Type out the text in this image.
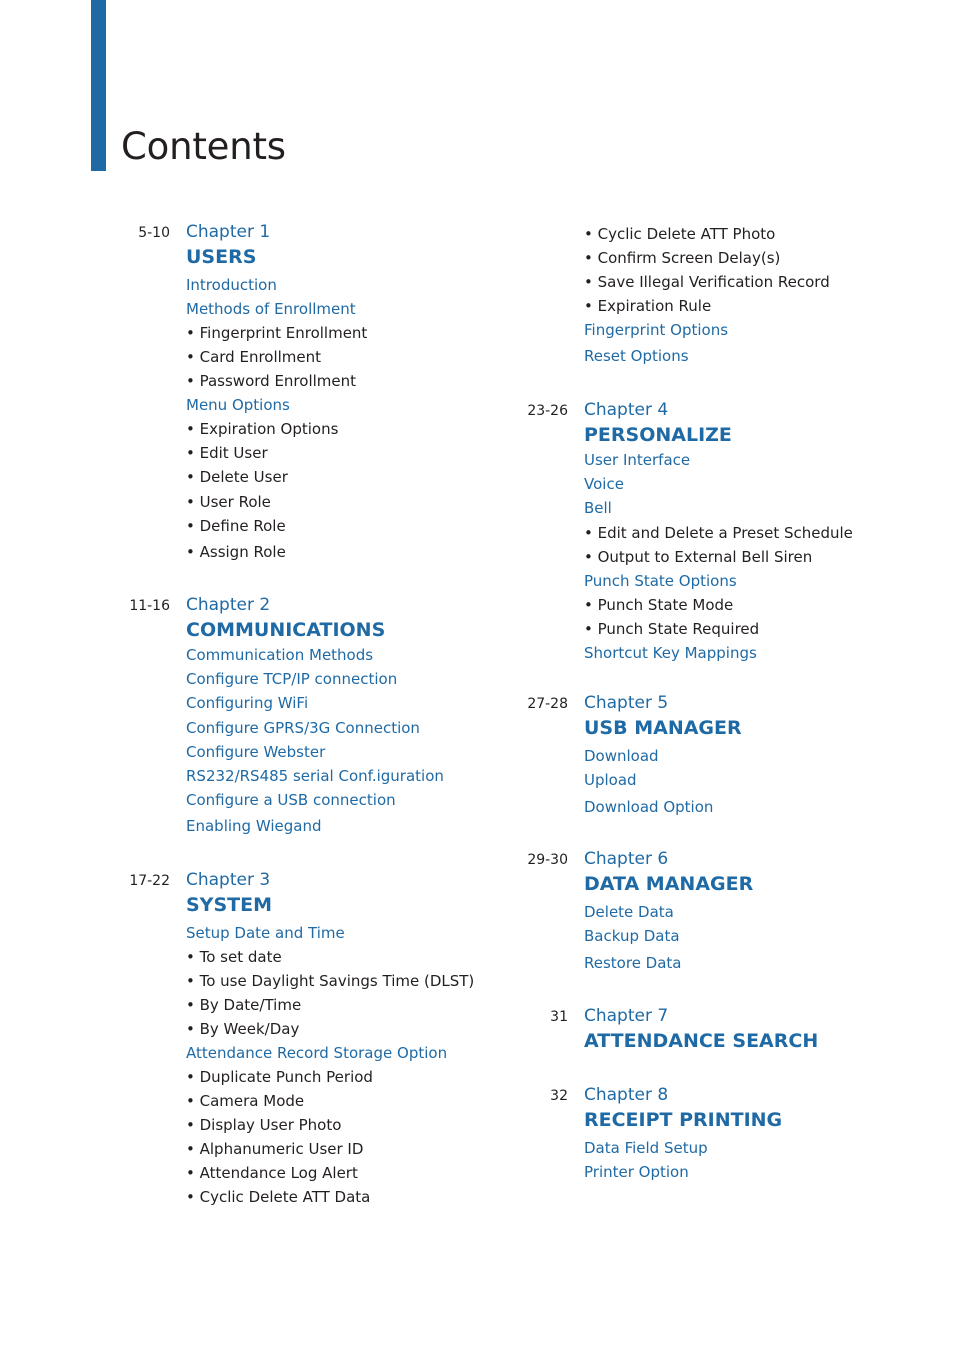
Contents
5-10 Chapter 1
USERS
Introduction
Methods of Enrollment
• Fingerprint Enrollment
• Card Enrollment
• Password Enrollment
Menu Options
• Expiration Options
• Edit User
• Delete User
• User Role
• Define Role
• Assign Role
11-16 Chapter 2
COMMUNICATIONS
Communication Methods
Configure TCP/IP connection
Configuring WiFi
Configure GPRS/3G Connection
Configure Webster
RS232/RS485 serial Conf.iguration
Configure a USB connection
Enabling Wiegand
17-22 Chapter 3
SYSTEM
Setup Date and Time
• To set date
• To use Daylight Savings Time (DLST)
• By Date/Time
• By Week/Day
Attendance Record Storage Option
• Duplicate Punch Period
• Camera Mode
• Display User Photo
• Alphanumeric User ID
• Attendance Log Alert
• Cyclic Delete ATT Data
• Cyclic Delete ATT Photo
• Confirm Screen Delay(s)
• Save Illegal Verification Record
• Expiration Rule
Fingerprint Options
Reset Options
23-26 Chapter 4
PERSONALIZE
User Interface
Voice
Bell
• Edit and Delete a Preset Schedule
• Output to External Bell Siren
Punch State Options
• Punch State Mode
• Punch State Required
Shortcut Key Mappings
27-28 Chapter 5
USB MANAGER
Download
Upload
Download Option
29-30 Chapter 6
DATA MANAGER
Delete Data
Backup Data
Restore Data
31 Chapter 7
ATTENDANCE SEARCH
32 Chapter 8
RECEIPT PRINTING
Data Field Setup
Printer Option
